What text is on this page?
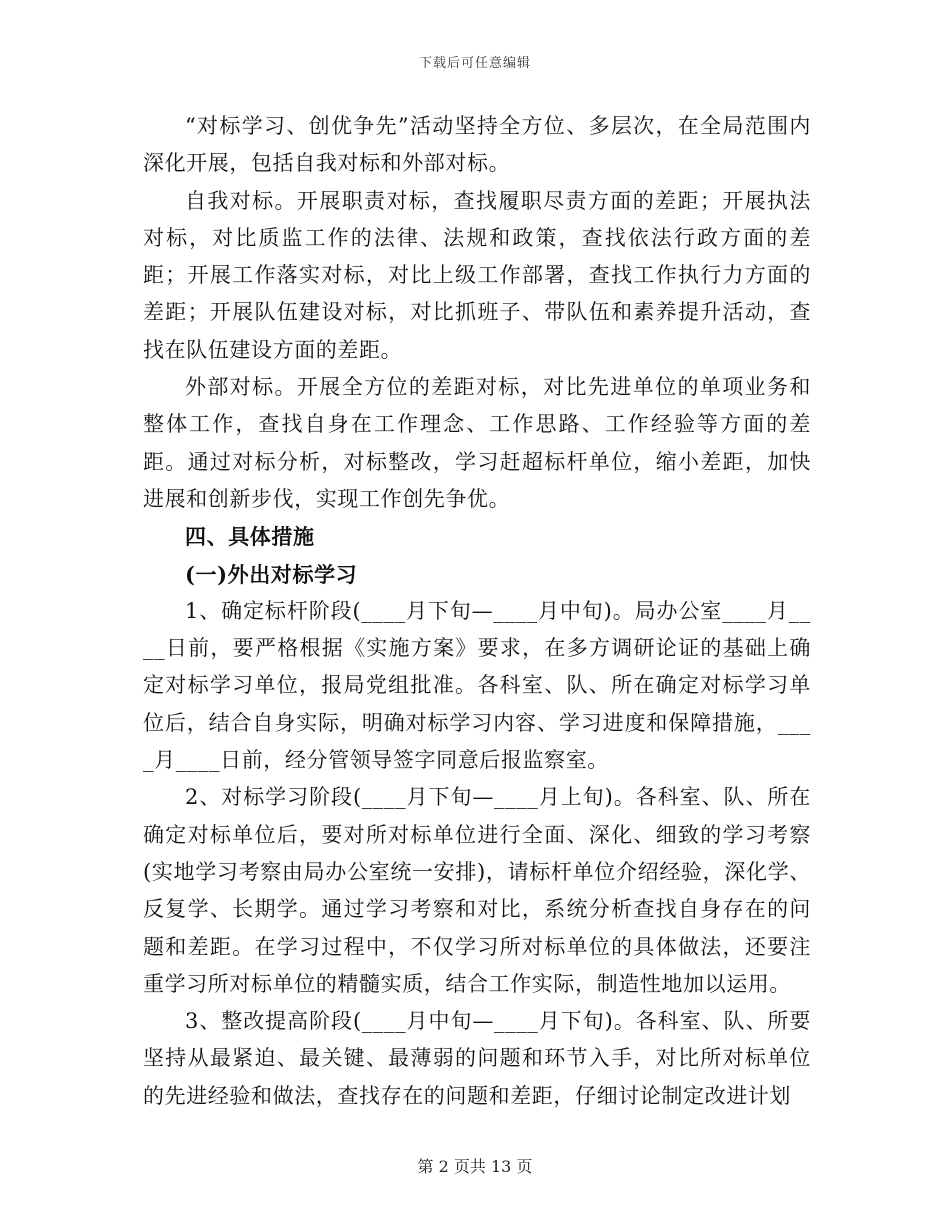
下载后可任意编辑

“对标学习、创优争先”活动坚持全方位、多层次，在全局范围内深化开展，包括自我对标和外部对标。

自我对标。开展职责对标，查找履职尽责方面的差距；开展执法对标，对比质监工作的法律、法规和政策，查找依法行政方面的差距；开展工作落实对标，对比上级工作部署，查找工作执行力方面的差距；开展队伍建设对标，对比抓班子、带队伍和素养提升活动，查找在队伍建设方面的差距。

外部对标。开展全方位的差距对标，对比先进单位的单项业务和整体工作，查找自身在工作理念、工作思路、工作经验等方面的差距。通过对标分析，对标整改，学习赶超标杆单位，缩小差距，加快进展和创新步伐，实现工作创先争优。

四、具体措施

(一)外出对标学习

1、确定标杆阶段(____月下旬—____月中旬)。局办公室____月____日前，要严格根据《实施方案》要求，在多方调研论证的基础上确定对标学习单位，报局党组批准。各科室、队、所在确定对标学习单位后，结合自身实际，明确对标学习内容、学习进度和保障措施，____月____日前，经分管领导签字同意后报监察室。

2、对标学习阶段(____月下旬—____月上旬)。各科室、队、所在确定对标单位后，要对所对标单位进行全面、深化、细致的学习考察(实地学习考察由局办公室统一安排)，请标杆单位介绍经验，深化学、反复学、长期学。通过学习考察和对比，系统分析查找自身存在的问题和差距。在学习过程中，不仅学习所对标单位的具体做法，还要注重学习所对标单位的精髓实质，结合工作实际，制造性地加以运用。

3、整改提高阶段(____月中旬—____月下旬)。各科室、队、所要坚持从最紧迫、最关键、最薄弱的问题和环节入手，对比所对标单位的先进经验和做法，查找存在的问题和差距，仔细讨论制定改进计划

第 2 页共 13 页
